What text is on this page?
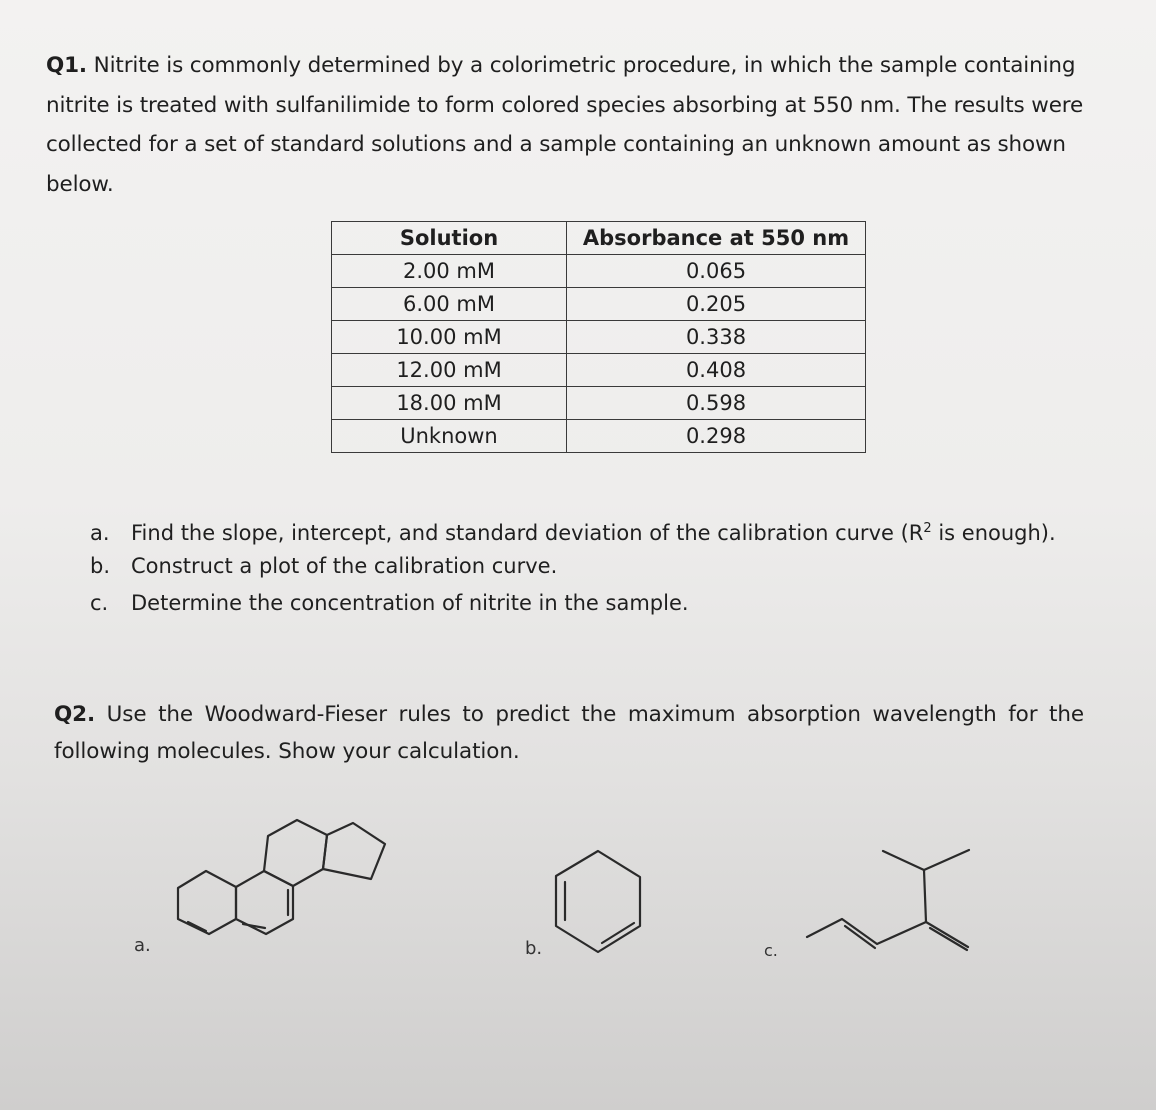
Q1. Nitrite is commonly determined by a colorimetric procedure, in which the sample containing nitrite is treated with sulfanilimide to form colored species absorbing at 550 nm. The results were collected for a set of standard solutions and a sample containing an unknown amount as shown below.
Solution	Absorbance at 550 nm
2.00 mM	0.065
6.00 mM	0.205
10.00 mM	0.338
12.00 mM	0.408
18.00 mM	0.598
Unknown	0.298
a. Find the slope, intercept, and standard deviation of the calibration curve ($R^2$ is enough).
b. Construct a plot of the calibration curve.
c. Determine the concentration of nitrite in the sample.
Q2. Use the Woodward-Fieser rules to predict the maximum absorption wavelength for the following molecules. Show your calculation.
a.	b.	c.
